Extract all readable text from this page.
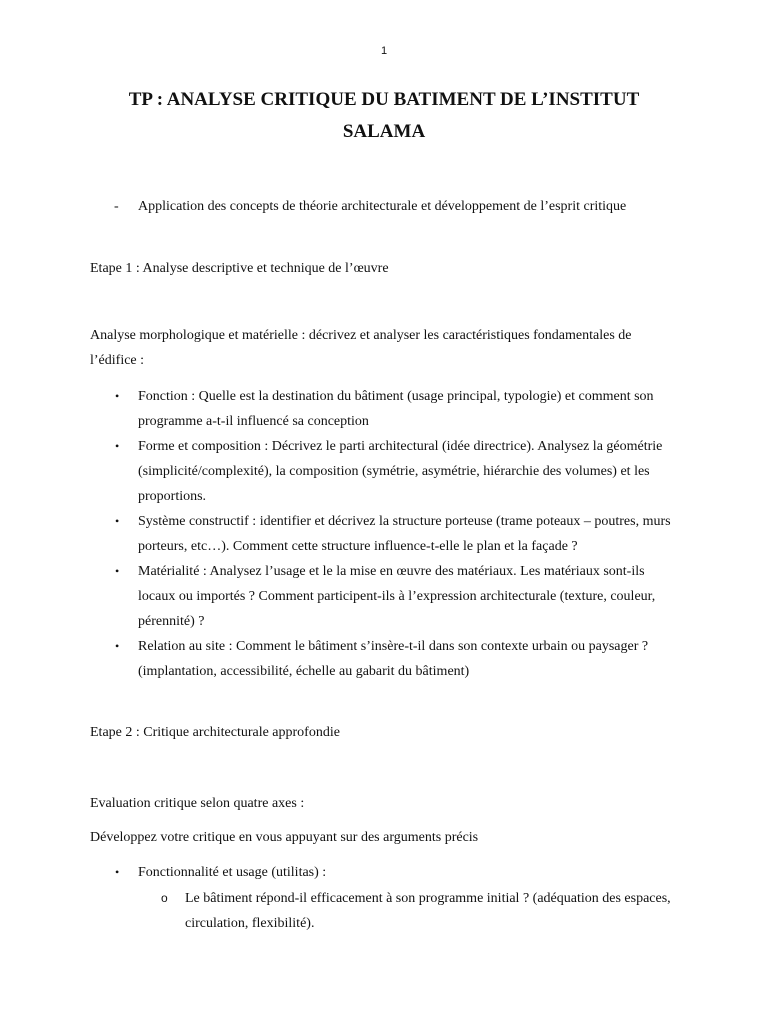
1
TP : ANALYSE CRITIQUE DU BATIMENT DE L’INSTITUT SALAMA
- Application des concepts de théorie architecturale et développement de l’esprit critique
Etape 1 : Analyse descriptive et technique de l’œuvre
Analyse morphologique et matérielle : décrivez et analyser les caractéristiques fondamentales de l’édifice :
• Fonction : Quelle est la destination du bâtiment (usage principal, typologie) et comment son programme a-t-il influencé sa conception
• Forme et composition : Décrivez le parti architectural (idée directrice). Analysez la géométrie (simplicité/complexité), la composition (symétrie, asymétrie, hiérarchie des volumes) et les proportions.
• Système constructif : identifier et décrivez la structure porteuse (trame poteaux – poutres, murs porteurs, etc…). Comment cette structure influence-t-elle le plan et la façade ?
• Matérialité : Analysez l’usage et le la mise en œuvre des matériaux. Les matériaux sont-ils locaux ou importés ? Comment participent-ils à l’expression architecturale (texture, couleur, pérennité) ?
• Relation au site : Comment le bâtiment s’insère-t-il dans son contexte urbain ou paysager ? (implantation, accessibilité, échelle au gabarit du bâtiment)
Etape 2 : Critique architecturale approfondie
Evaluation critique selon quatre axes :
Développez votre critique en vous appuyant sur des arguments précis
• Fonctionnalité et usage (utilitas) :
o Le bâtiment répond-il efficacement à son programme initial ? (adéquation des espaces, circulation, flexibilité).
